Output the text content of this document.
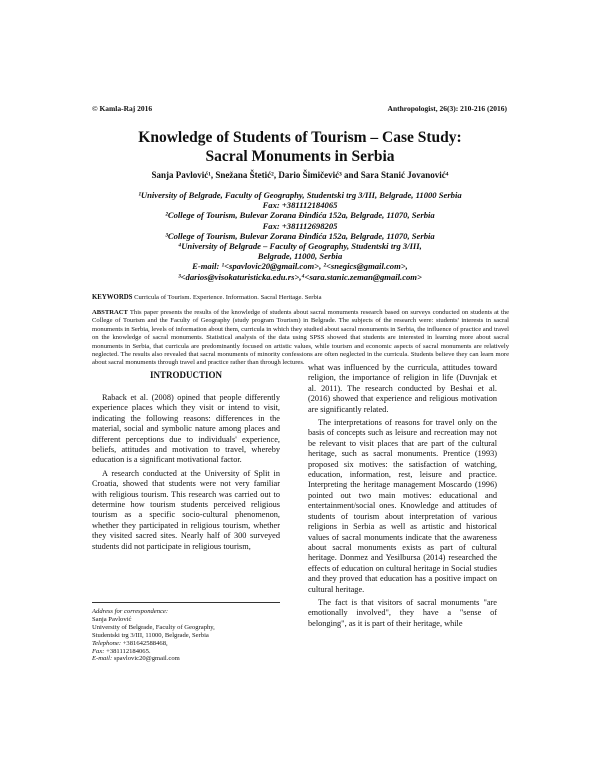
© Kamla-Raj 2016	Anthropologist, 26(3): 210-216 (2016)
Knowledge of Students of Tourism – Case Study:
Sacral Monuments in Serbia
Sanja Pavlović¹, Snežana Štetić², Dario Šimičević³ and Sara Stanić Jovanović⁴

¹University of Belgrade, Faculty of Geography, Studentski trg 3/III, Belgrade, 11000 Serbia

Fax: +381112184065

²College of Tourism, Bulevar Zorana Đinđića 152a, Belgrade, 11070, Serbia

Fax: +381112698205

³College of Tourism, Bulevar Zorana Đinđića 152a, Belgrade, 11070, Serbia

⁴University of Belgrade – Faculty of Geography, Studentski trg 3/III,

Belgrade, 11000, Serbia

E-mail: ¹<spavlovic20@gmail.com>, ²<snegics@gmail.com>,

³<darios@visokaturisticka.edu.rs>,⁴<sara.stanic.zeman@gmail.com>

KEYWORDS Curricula of Tourism. Experience. Information. Sacral Heritage. Serbia
ABSTRACT This paper presents the results of the knowledge of students about sacral monuments research based on surveys conducted on students at the College of Tourism and the Faculty of Geography (study program Tourism) in Belgrade. The subjects of the research were: students' interests in sacral monuments in Serbia, levels of information about them, curricula in which they studied about sacral monuments in Serbia, the influence of practice and travel on the knowledge of sacral monuments. Statistical analysis of the data using SPSS showed that students are interested in learning more about sacral monuments in Serbia, that curricula are predominantly focused on artistic values, while tourism and economic aspects of sacral monuments are relatively neglected. The results also revealed that sacral monuments of minority confessions are often neglected in the curricula. Students believe they can learn more about sacral monuments through travel and practice rather than through lectures.
INTRODUCTION

Raback et al. (2008) opined that people differently experience places which they visit or intend to visit, indicating the following reasons: differences in the material, social and symbolic nature among places and different perceptions due to individuals' experience, beliefs, attitudes and motivation to travel, whereby education is a significant motivational factor.

A research conducted at the University of Split in Croatia, showed that students were not very familiar with religious tourism. This research was carried out to determine how tourism students perceived religious tourism as a specific socio-cultural phenomenon, whether they participated in religious tourism, whether they visited sacred sites. Nearly half of 300 surveyed students did not participate in religious tourism,

what was influenced by the curricula, attitudes toward religion, the importance of religion in life (Duvnjak et al. 2011). The research conducted by Beshai et al. (2016) showed that experience and religious motivation are significantly related.

The interpretations of reasons for travel only on the basis of concepts such as leisure and recreation may not be relevant to visit places that are part of the cultural heritage, such as sacral monuments. Prentice (1993) proposed six motives: the satisfaction of watching, education, information, rest, leisure and practice. Interpreting the heritage management Moscardo (1996) pointed out two main motives: educational and entertainment/social ones. Knowledge and attitudes of students of tourism about interpretation of various religions in Serbia as well as artistic and historical values of sacral monuments indicate that the awareness about sacral monuments exists as part of cultural heritage. Donmez and Yesilbursa (2014) researched the effects of education on cultural heritage in Social studies and they proved that education has a positive impact on cultural heritage.

The fact is that visitors of sacral monuments "are emotionally involved", they have a "sense of belonging", as it is part of their heritage, while

Address for correspondence:
Sanja Pavlović
University of Belgrade, Faculty of Geography,
Studentski trg 3/III, 11000, Belgrade, Serbia
Telephone: +381642588468,
Fax: +381112184065.
E-mail: spavlovic20@gmail.com
